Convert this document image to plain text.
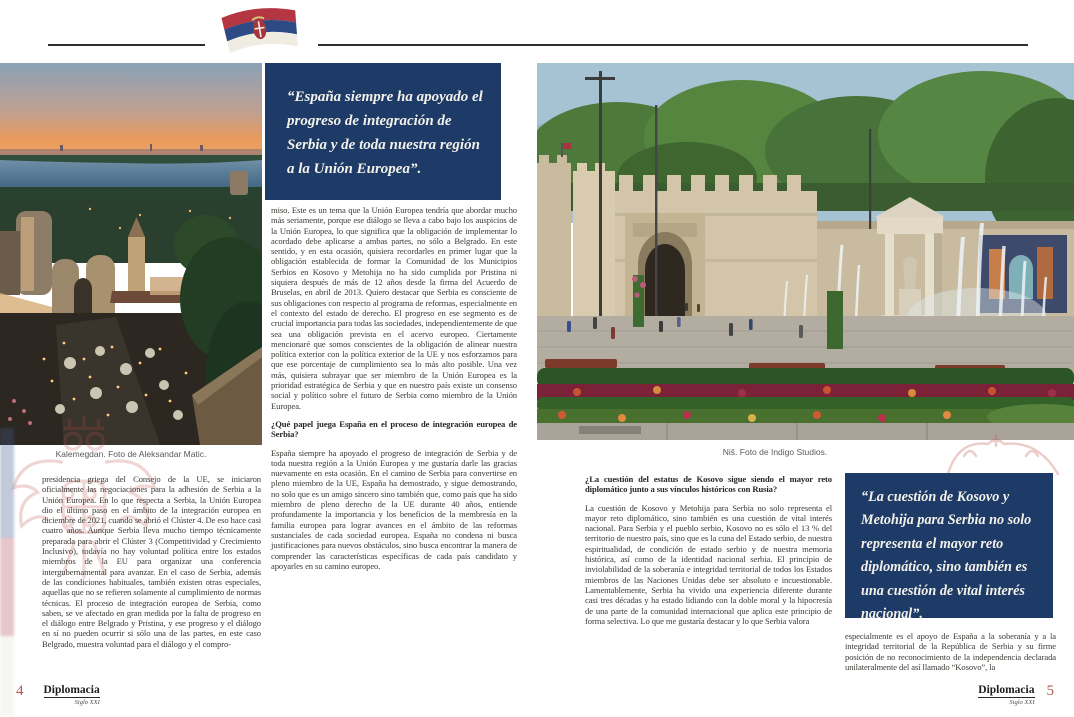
Kalemegdan. Foto de Aleksandar Matic.

presidencia griega del Consejo de la UE, se iniciaron oficialmente las negociaciones para la adhesión de Serbia a la Unión Europea. En lo que respecta a Serbia, la Unión Europea dio el último paso en el ámbito de la integración europea en diciembre de 2021, cuando se abrió el Clúster 4. De eso hace casi cuatro años. Aunque Serbia lleva mucho tiempo técnicamente preparada para abrir el Clúster 3 (Competitividad y Crecimiento Inclusivo), todavía no hay voluntad política entre los estados miembros de la EU para organizar una conferencia intergubernamental para avanzar. En el caso de Serbia, además de las condiciones habituales, también existen otras especiales, aquellas que no se refieren solamente al cumplimiento de normas técnicas. El proceso de integración europea de Serbia, como saben, se ve afectado en gran medida por la falta de progreso en el diálogo entre Belgrado y Pristina, y ese progreso y el diálogo en sí no pueden ocurrir si sólo una de las partes, en este caso Belgrado, muestra voluntad para el diálogo y el compro-

“España siempre ha apoyado el progreso de integración de Serbia y de toda nuestra región a la Unión Europea”.

miso. Este es un tema que la Unión Europea tendría que abordar mucho más seriamente, porque ese diálogo se lleva a cabo bajo los auspicios de la Unión Europea, lo que significa que la obligación de implementar lo acordado debe aplicarse a ambas partes, no sólo a Belgrado. En este sentido, y en esta ocasión, quisiera recordarles en primer lugar que la obligación establecida de formar la Comunidad de los Municipios Serbios en Kosovo y Metohija no ha sido cumplida por Pristina ni siquiera después de más de 12 años desde la firma del Acuerdo de Bruselas, en abril de 2013. Quiero destacar que Serbia es consciente de sus obligaciones con respecto al programa de reformas, especialmente en el contexto del estado de derecho. El progreso en ese segmento es de crucial importancia para todas las sociedades, independientemente de que sea una obligación prevista en el acervo europeo. Ciertamente mencionaré que somos conscientes de la obligación de alinear nuestra política exterior con la política exterior de la UE y nos esforzamos para que ese porcentaje de cumplimiento sea lo más alto posible. Una vez más, quisiera subrayar que ser miembro de la Unión Europea es la prioridad estratégica de Serbia y que en nuestro país existe un consenso social y político sobre el futuro de Serbia como miembro de la Unión Europea.

¿Qué papel juega España en el proceso de integración europea de Serbia?

España siempre ha apoyado el progreso de integración de Serbia y de toda nuestra región a la Unión Europea y me gustaría darle las gracias nuevamente en esta ocasión. En el camino de Serbia para convertirse en pleno miembro de la UE, España ha demostrado, y sigue demostrando, no solo que es un amigo sincero sino también que, como país que ha sido miembro de pleno derecho de la UE durante 40 años, entiende profundamente la importancia y los beneficios de la membresía en la familia europea para lograr avances en el ámbito de las reformas sustanciales de cada sociedad europea. España no condena ni busca justificaciones para nuevos obstáculos, sino busca encontrar la manera de comprender las características específicas de cada país candidato y apoyarles en su camino europeo.

4 Diplomacia
Siglo XXI
Niš. Foto de Indigo Studios.

¿La cuestión del estatus de Kosovo sigue siendo el mayor reto diplomático junto a sus vínculos históricos con Rusia?

La cuestión de Kosovo y Metohija para Serbia no solo representa el mayor reto diplomático, sino también es una cuestión de vital interés nacional. Para Serbia y el pueblo serbio, Kosovo no es sólo el 13 % del territorio de nuestro país, sino que es la cuna del Estado serbio, de nuestra espiritualidad, de condición de estado serbio y de nuestra memoria histórica, así como de la identidad nacional serbia. El principio de inviolabilidad de la soberanía e integridad territorial de todos los Estados miembros de las Naciones Unidas debe ser absoluto e incuestionable. Lamentablemente, Serbia ha vivido una experiencia diferente durante casi tres décadas y ha estado lidiando con la doble moral y la hipocresía de una parte de la comunidad internacional que aplica este principio de forma selectiva. Lo que me gustaría destacar y lo que Serbia valora

“La cuestión de Kosovo y Metohija para Serbia no solo representa el mayor reto diplomático, sino también es una cuestión de vital interés nacional”.

especialmente es el apoyo de España a la soberanía y a la integridad territorial de la República de Serbia y su firme posición de no reconocimiento de la independencia declarada unilateralmente del así llamado “Kosovo”, la

Diplomacia
Siglo XXI
5
